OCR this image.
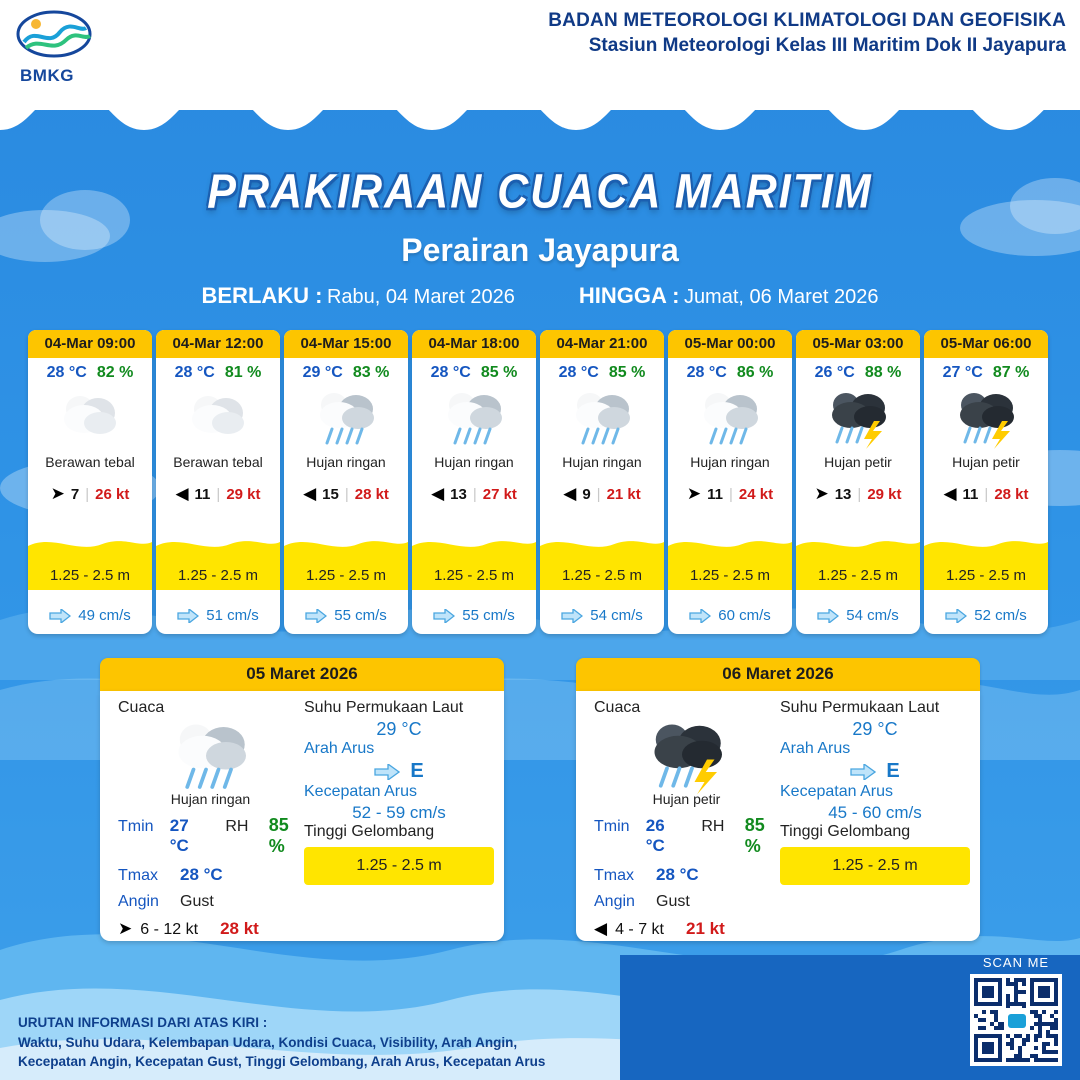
BMKG
BADAN METEOROLOGI KLIMATOLOGI DAN GEOFISIKA
Stasiun Meteorologi Kelas III Maritim Dok II Jayapura
PRAKIRAAN CUACA MARITIM
Perairan Jayapura
BERLAKU : Rabu, 04 Maret 2026	HINGGA : Jumat, 06 Maret 2026
04-Mar 09:00
28 °C 82 %
Berawan tebal
➤ 7 | 26 kt
1.25 - 2.5 m
49 cm/s
04-Mar 12:00
28 °C 81 %
Berawan tebal
◀ 11 | 29 kt
1.25 - 2.5 m
51 cm/s
04-Mar 15:00
29 °C 83 %
Hujan ringan
◀ 15 | 28 kt
1.25 - 2.5 m
55 cm/s
04-Mar 18:00
28 °C 85 %
Hujan ringan
◀ 13 | 27 kt
1.25 - 2.5 m
55 cm/s
04-Mar 21:00
28 °C 85 %
Hujan ringan
◀ 9 | 21 kt
1.25 - 2.5 m
54 cm/s
05-Mar 00:00
28 °C 86 %
Hujan ringan
➤ 11 | 24 kt
1.25 - 2.5 m
60 cm/s
05-Mar 03:00
26 °C 88 %
Hujan petir
➤ 13 | 29 kt
1.25 - 2.5 m
54 cm/s
05-Mar 06:00
27 °C 87 %
Hujan petir
◀ 11 | 28 kt
1.25 - 2.5 m
52 cm/s
05 Maret 2026
Cuaca
Hujan ringan
Tmin 27 °C
RH	85 %
Tmax	28 °C
Angin	Gust
➤ 6 - 12 kt 28 kt
Suhu Permukaan Laut
29 °C
Arah Arus
E
Kecepatan Arus
52 - 59 cm/s
Tinggi Gelombang
1.25 - 2.5 m
06 Maret 2026
Cuaca
Hujan petir
Tmin 26 °C
RH	85 %
Tmax	28 °C
Angin	Gust
◀ 4 - 7 kt 21 kt
Suhu Permukaan Laut
29 °C
Arah Arus
E
Kecepatan Arus
45 - 60 cm/s
Tinggi Gelombang
1.25 - 2.5 m
URUTAN INFORMASI DARI ATAS KIRI :
Waktu, Suhu Udara, Kelembapan Udara, Kondisi Cuaca, Visibility, Arah Angin,
Kecepatan Angin, Kecepatan Gust, Tinggi Gelombang, Arah Arus, Kecepatan Arus
SCAN ME
